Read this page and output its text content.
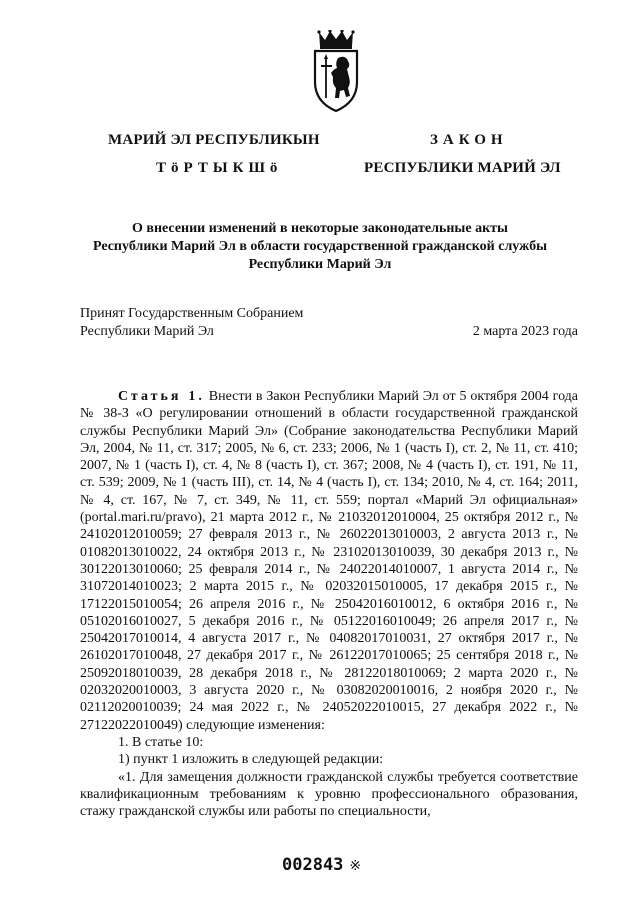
МАРИЙ ЭЛ РЕСПУБЛИКЫН
ТӧРТЫКШӧ
ЗАКОН
РЕСПУБЛИКИ МАРИЙ ЭЛ
О внесении изменений в некоторые законодательные акты
Республики Марий Эл в области государственной гражданской службы
Республики Марий Эл
Принят Государственным Собранием
Республики Марий Эл	2 марта 2023 года

Статья 1. Внести в Закон Республики Марий Эл от 5 октября 2004 года № 38-З «О регулировании отношений в области государственной гражданской службы Республики Марий Эл» (Собрание законодательства Республики Марий Эл, 2004, № 11, ст. 317; 2005, № 6, ст. 233; 2006, № 1 (часть I), ст. 2, № 11, ст. 410; 2007, № 1 (часть I), ст. 4, № 8 (часть I), ст. 367; 2008, № 4 (часть I), ст. 191, № 11, ст. 539; 2009, № 1 (часть III), ст. 14, № 4 (часть I), ст. 134; 2010, № 4, ст. 164; 2011, № 4, ст. 167, № 7, ст. 349, № 11, ст. 559; портал «Марий Эл официальная» (portal.mari.ru/pravo), 21 марта 2012 г., № 21032012010004, 25 октября 2012 г., № 24102012010059; 27 февраля 2013 г., № 26022013010003, 2 августа 2013 г., № 01082013010022, 24 октября 2013 г., № 23102013010039, 30 декабря 2013 г., № 30122013010060; 25 февраля 2014 г., № 24022014010007, 1 августа 2014 г., № 31072014010023; 2 марта 2015 г., № 02032015010005, 17 декабря 2015 г., № 17122015010054; 26 апреля 2016 г., № 25042016010012, 6 октября 2016 г., № 05102016010027, 5 декабря 2016 г., № 05122016010049; 26 апреля 2017 г., № 25042017010014, 4 августа 2017 г., № 04082017010031, 27 октября 2017 г., № 26102017010048, 27 декабря 2017 г., № 26122017010065; 25 сентября 2018 г., № 25092018010039, 28 декабря 2018 г., № 28122018010069; 2 марта 2020 г., № 02032020010003, 3 августа 2020 г., № 03082020010016, 2 ноября 2020 г., № 02112020010039; 24 мая 2022 г., № 24052022010015, 27 декабря 2022 г., № 27122022010049) следующие изменения:

1. В статье 10:

1) пункт 1 изложить в следующей редакции:

«1. Для замещения должности гражданской службы требуется соответствие квалификационным требованиям к уровню профессионального образования, стажу гражданской службы или работы по специальности,

002843 ※
